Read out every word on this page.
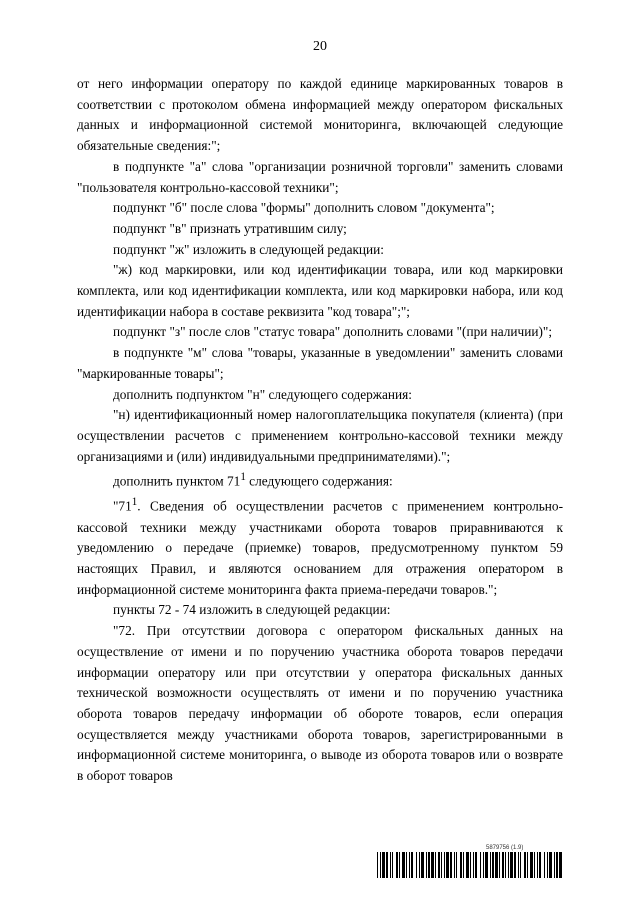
20

от него информации оператору по каждой единице маркированных товаров в соответствии с протоколом обмена информацией между оператором фискальных данных и информационной системой мониторинга, включающей следующие обязательные сведения:";

в подпункте "а" слова "организации розничной торговли" заменить словами "пользователя контрольно-кассовой техники";

подпункт "б" после слова "формы" дополнить словом "документа";

подпункт "в" признать утратившим силу;

подпункт "ж" изложить в следующей редакции:

"ж) код маркировки, или код идентификации товара, или код маркировки комплекта, или код идентификации комплекта, или код маркировки набора, или код идентификации набора в составе реквизита "код товара";";

подпункт "з" после слов "статус товара" дополнить словами "(при наличии)";

в подпункте "м" слова "товары, указанные в уведомлении" заменить словами "маркированные товары";

дополнить подпунктом "н" следующего содержания:

"н) идентификационный номер налогоплательщика покупателя (клиента) (при осуществлении расчетов с применением контрольно-кассовой техники между организациями и (или) индивидуальными предпринимателями).";

дополнить пунктом $71^1$ следующего содержания:

"$71^1$. Сведения об осуществлении расчетов с применением контрольно-кассовой техники между участниками оборота товаров приравниваются к уведомлению о передаче (приемке) товаров, предусмотренному пунктом 59 настоящих Правил, и являются основанием для отражения оператором в информационной системе мониторинга факта приема-передачи товаров.";

пункты 72 - 74 изложить в следующей редакции:

"72. При отсутствии договора с оператором фискальных данных на осуществление от имени и по поручению участника оборота товаров передачи информации оператору или при отсутствии у оператора фискальных данных технической возможности осуществлять от имени и по поручению участника оборота товаров передачу информации об обороте товаров, если операция осуществляется между участниками оборота товаров, зарегистрированными в информационной системе мониторинга, о выводе из оборота товаров или о возврате в оборот товаров

5879756 (1.9)
